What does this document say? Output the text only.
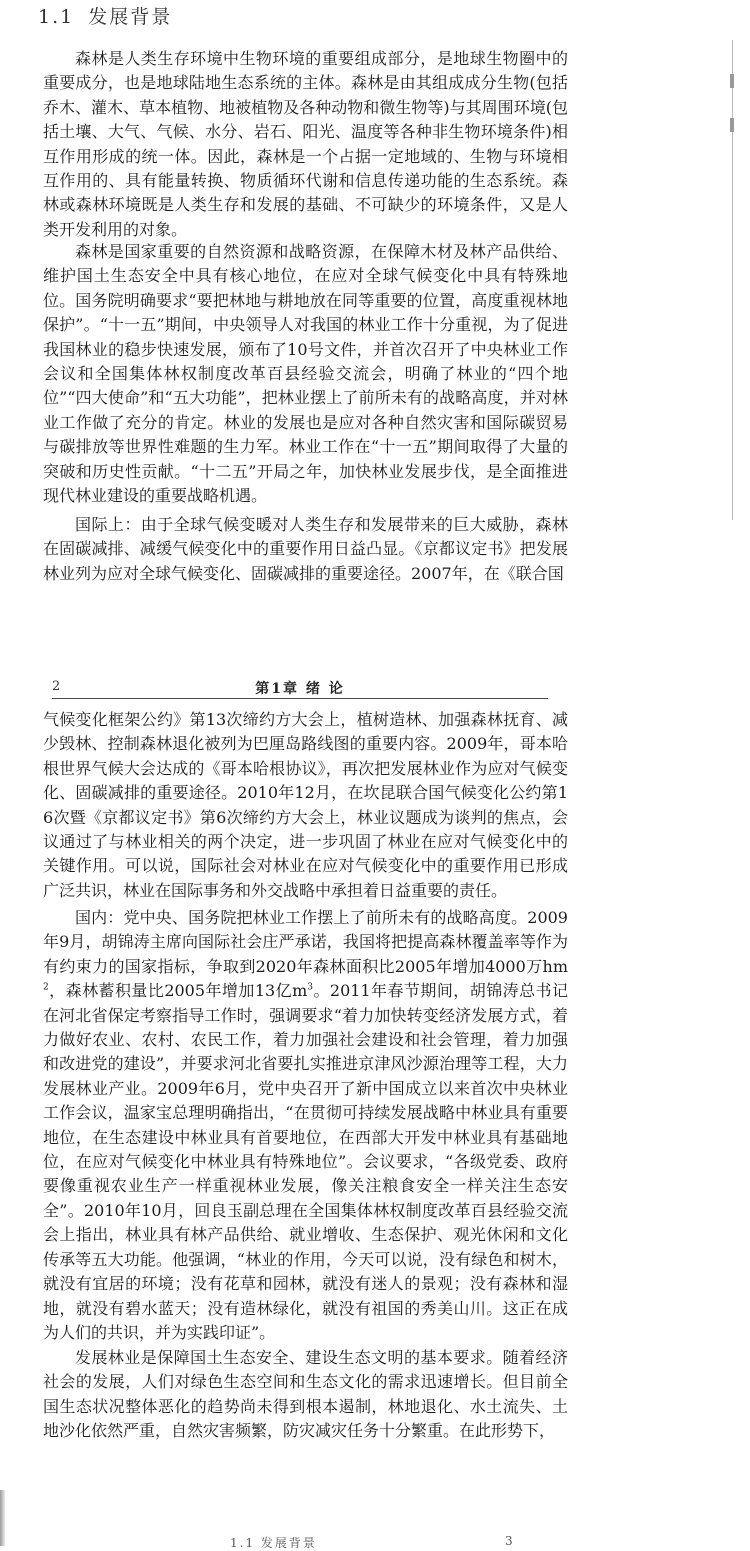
1.1 发展背景

森林是人类生存环境中生物环境的重要组成部分，是地球生物圈中的重要成分，也是地球陆地生态系统的主体。森林是由其组成成分生物(包括乔木、灌木、草本植物、地被植物及各种动物和微生物等)与其周围环境(包括土壤、大气、气候、水分、岩石、阳光、温度等各种非生物环境条件)相互作用形成的统一体。因此，森林是一个占据一定地域的、生物与环境相互作用的、具有能量转换、物质循环代谢和信息传递功能的生态系统。森林或森林环境既是人类生存和发展的基础、不可缺少的环境条件，又是人类开发利用的对象。

森林是国家重要的自然资源和战略资源，在保障木材及林产品供给、维护国土生态安全中具有核心地位，在应对全球气候变化中具有特殊地位。国务院明确要求“要把林地与耕地放在同等重要的位置，高度重视林地保护”。“十一五”期间，中央领导人对我国的林业工作十分重视，为了促进我国林业的稳步快速发展，颁布了10号文件，并首次召开了中央林业工作会议和全国集体林权制度改革百县经验交流会，明确了林业的“四个地位”“四大使命”和“五大功能”，把林业摆上了前所未有的战略高度，并对林业工作做了充分的肯定。林业的发展也是应对各种自然灾害和国际碳贸易与碳排放等世界性难题的生力军。林业工作在“十一五”期间取得了大量的突破和历史性贡献。“十二五”开局之年，加快林业发展步伐，是全面推进现代林业建设的重要战略机遇。

国际上：由于全球气候变暖对人类生存和发展带来的巨大威胁，森林在固碳减排、减缓气候变化中的重要作用日益凸显。《京都议定书》把发展林业列为应对全球气候变化、固碳减排的重要途径。2007年，在《联合国

2	第1章 绪 论

气候变化框架公约》第13次缔约方大会上，植树造林、加强森林抚育、减少毁林、控制森林退化被列为巴厘岛路线图的重要内容。2009年，哥本哈根世界气候大会达成的《哥本哈根协议》，再次把发展林业作为应对气候变化、固碳减排的重要途径。2010年12月，在坎昆联合国气候变化公约第16次暨《京都议定书》第6次缔约方大会上，林业议题成为谈判的焦点，会议通过了与林业相关的两个决定，进一步巩固了林业在应对气候变化中的关键作用。可以说，国际社会对林业在应对气候变化中的重要作用已形成广泛共识，林业在国际事务和外交战略中承担着日益重要的责任。

国内：党中央、国务院把林业工作摆上了前所未有的战略高度。2009年9月，胡锦涛主席向国际社会庄严承诺，我国将把提高森林覆盖率等作为有约束力的国家指标，争取到2020年森林面积比2005年增加4000万$hm^2$，森林蓄积量比2005年增加13亿$m^3$。2011年春节期间，胡锦涛总书记在河北省保定考察指导工作时，强调要求“着力加快转变经济发展方式，着力做好农业、农村、农民工作，着力加强社会建设和社会管理，着力加强和改进党的建设”，并要求河北省要扎实推进京津风沙源治理等工程，大力发展林业产业。2009年6月，党中央召开了新中国成立以来首次中央林业工作会议，温家宝总理明确指出，“在贯彻可持续发展战略中林业具有重要地位，在生态建设中林业具有首要地位，在西部大开发中林业具有基础地位，在应对气候变化中林业具有特殊地位”。会议要求，“各级党委、政府要像重视农业生产一样重视林业发展，像关注粮食安全一样关注生态安全”。2010年10月，回良玉副总理在全国集体林权制度改革百县经验交流会上指出，林业具有林产品供给、就业增收、生态保护、观光休闲和文化传承等五大功能。他强调，“林业的作用，今天可以说，没有绿色和树木，就没有宜居的环境；没有花草和园林，就没有迷人的景观；没有森林和湿地，就没有碧水蓝天；没有造林绿化，就没有祖国的秀美山川。这正在成为人们的共识，并为实践印证”。

发展林业是保障国土生态安全、建设生态文明的基本要求。随着经济社会的发展，人们对绿色生态空间和生态文化的需求迅速增长。但目前全国生态状况整体恶化的趋势尚未得到根本遏制，林地退化、水土流失、土地沙化依然严重，自然灾害频繁，防灾减灾任务十分繁重。在此形势下，

1.1 发展背景	3
